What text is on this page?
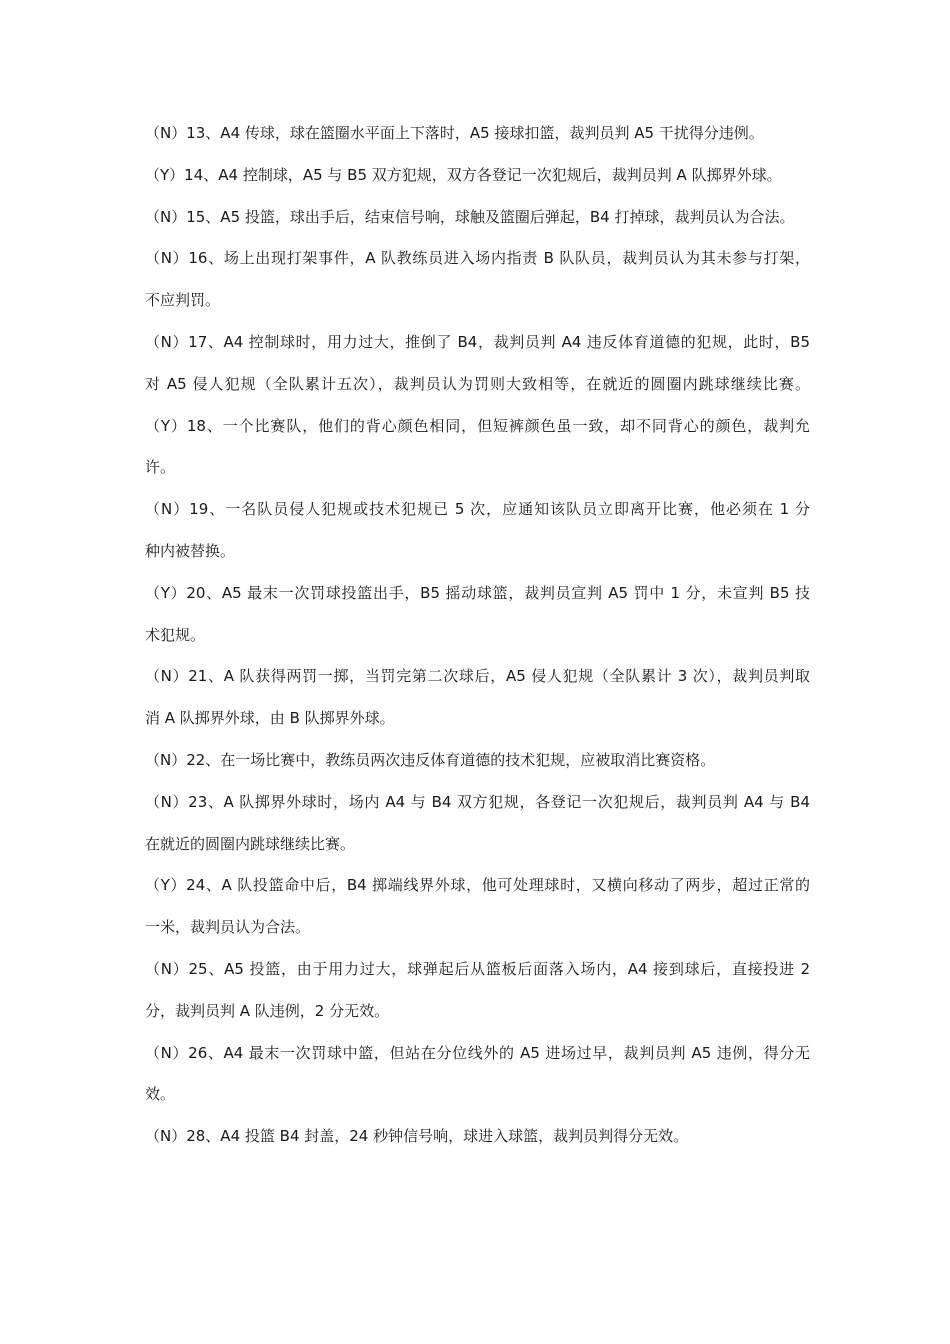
（N）13、A4 传球，球在篮圈水平面上下落时，A5 接球扣篮，裁判员判 A5 干扰得分违例。
（Y）14、A4 控制球，A5 与 B5 双方犯规，双方各登记一次犯规后，裁判员判 A 队掷界外球。
（N）15、A5 投篮，球出手后，结束信号响，球触及篮圈后弹起，B4 打掉球，裁判员认为合法。
（N）16、场上出现打架事件，A 队教练员进入场内指责 B 队队员，裁判员认为其未参与打架，
不应判罚。
（N）17、A4 控制球时，用力过大，推倒了 B4，裁判员判 A4 违反体育道德的犯规，此时，B5
对 A5 侵人犯规（全队累计五次），裁判员认为罚则大致相等，在就近的圆圈内跳球继续比赛。
（Y）18、一个比赛队，他们的背心颜色相同，但短裤颜色虽一致，却不同背心的颜色，裁判允
许。
（N）19、一名队员侵人犯规或技术犯规已 5 次，应通知该队员立即离开比赛，他必须在 1 分
种内被替换。
（Y）20、A5 最末一次罚球投篮出手，B5 摇动球篮，裁判员宣判 A5 罚中 1 分，未宣判 B5 技
术犯规。
（N）21、A 队获得两罚一掷，当罚完第二次球后，A5 侵人犯规（全队累计 3 次），裁判员判取
消 A 队掷界外球，由 B 队掷界外球。
（N）22、在一场比赛中，教练员两次违反体育道德的技术犯规，应被取消比赛资格。
（N）23、A 队掷界外球时，场内 A4 与 B4 双方犯规，各登记一次犯规后，裁判员判 A4 与 B4
在就近的圆圈内跳球继续比赛。
（Y）24、A 队投篮命中后，B4 掷端线界外球，他可处理球时，又横向移动了两步，超过正常的
一米，裁判员认为合法。
（N）25、A5 投篮，由于用力过大，球弹起后从篮板后面落入场内，A4 接到球后，直接投进 2
分，裁判员判 A 队违例，2 分无效。
（N）26、A4 最末一次罚球中篮，但站在分位线外的 A5 进场过早，裁判员判 A5 违例，得分无
效。
（N）28、A4 投篮 B4 封盖，24 秒钟信号响，球进入球篮，裁判员判得分无效。
